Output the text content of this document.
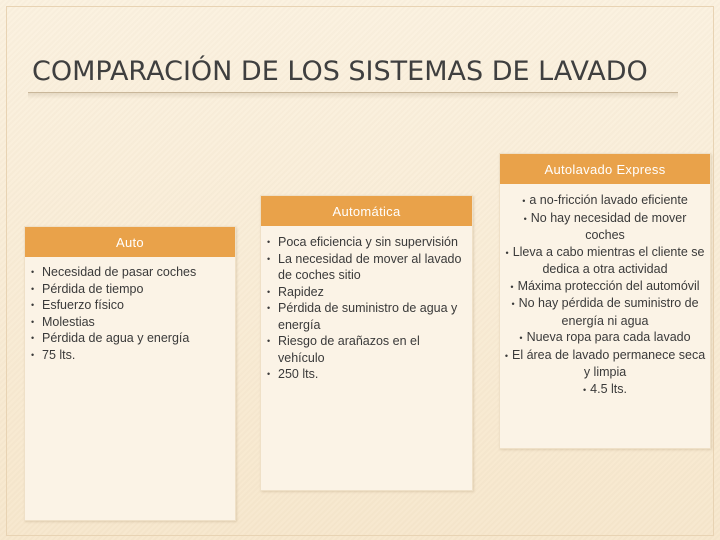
COMPARACIÓN DE LOS SISTEMAS DE LAVADO
Auto
• Necesidad de pasar coches
• Pérdida de tiempo
• Esfuerzo físico
• Molestias
• Pérdida de agua y energía
• 75 lts.
Automática
• Poca eficiencia y sin supervisión
• La necesidad de mover al lavado de coches sitio
• Rapidez
• Pérdida de suministro de agua y energía
• Riesgo de arañazos en el vehículo
• 250 lts.
Autolavado Express
• a no-fricción lavado eficiente
• No hay necesidad de mover coches
• Lleva a cabo mientras el cliente se dedica a otra actividad
• Máxima protección del automóvil
• No hay pérdida de suministro de energía ni agua
• Nueva ropa para cada lavado
• El área de lavado permanece seca y limpia
• 4.5 lts.
